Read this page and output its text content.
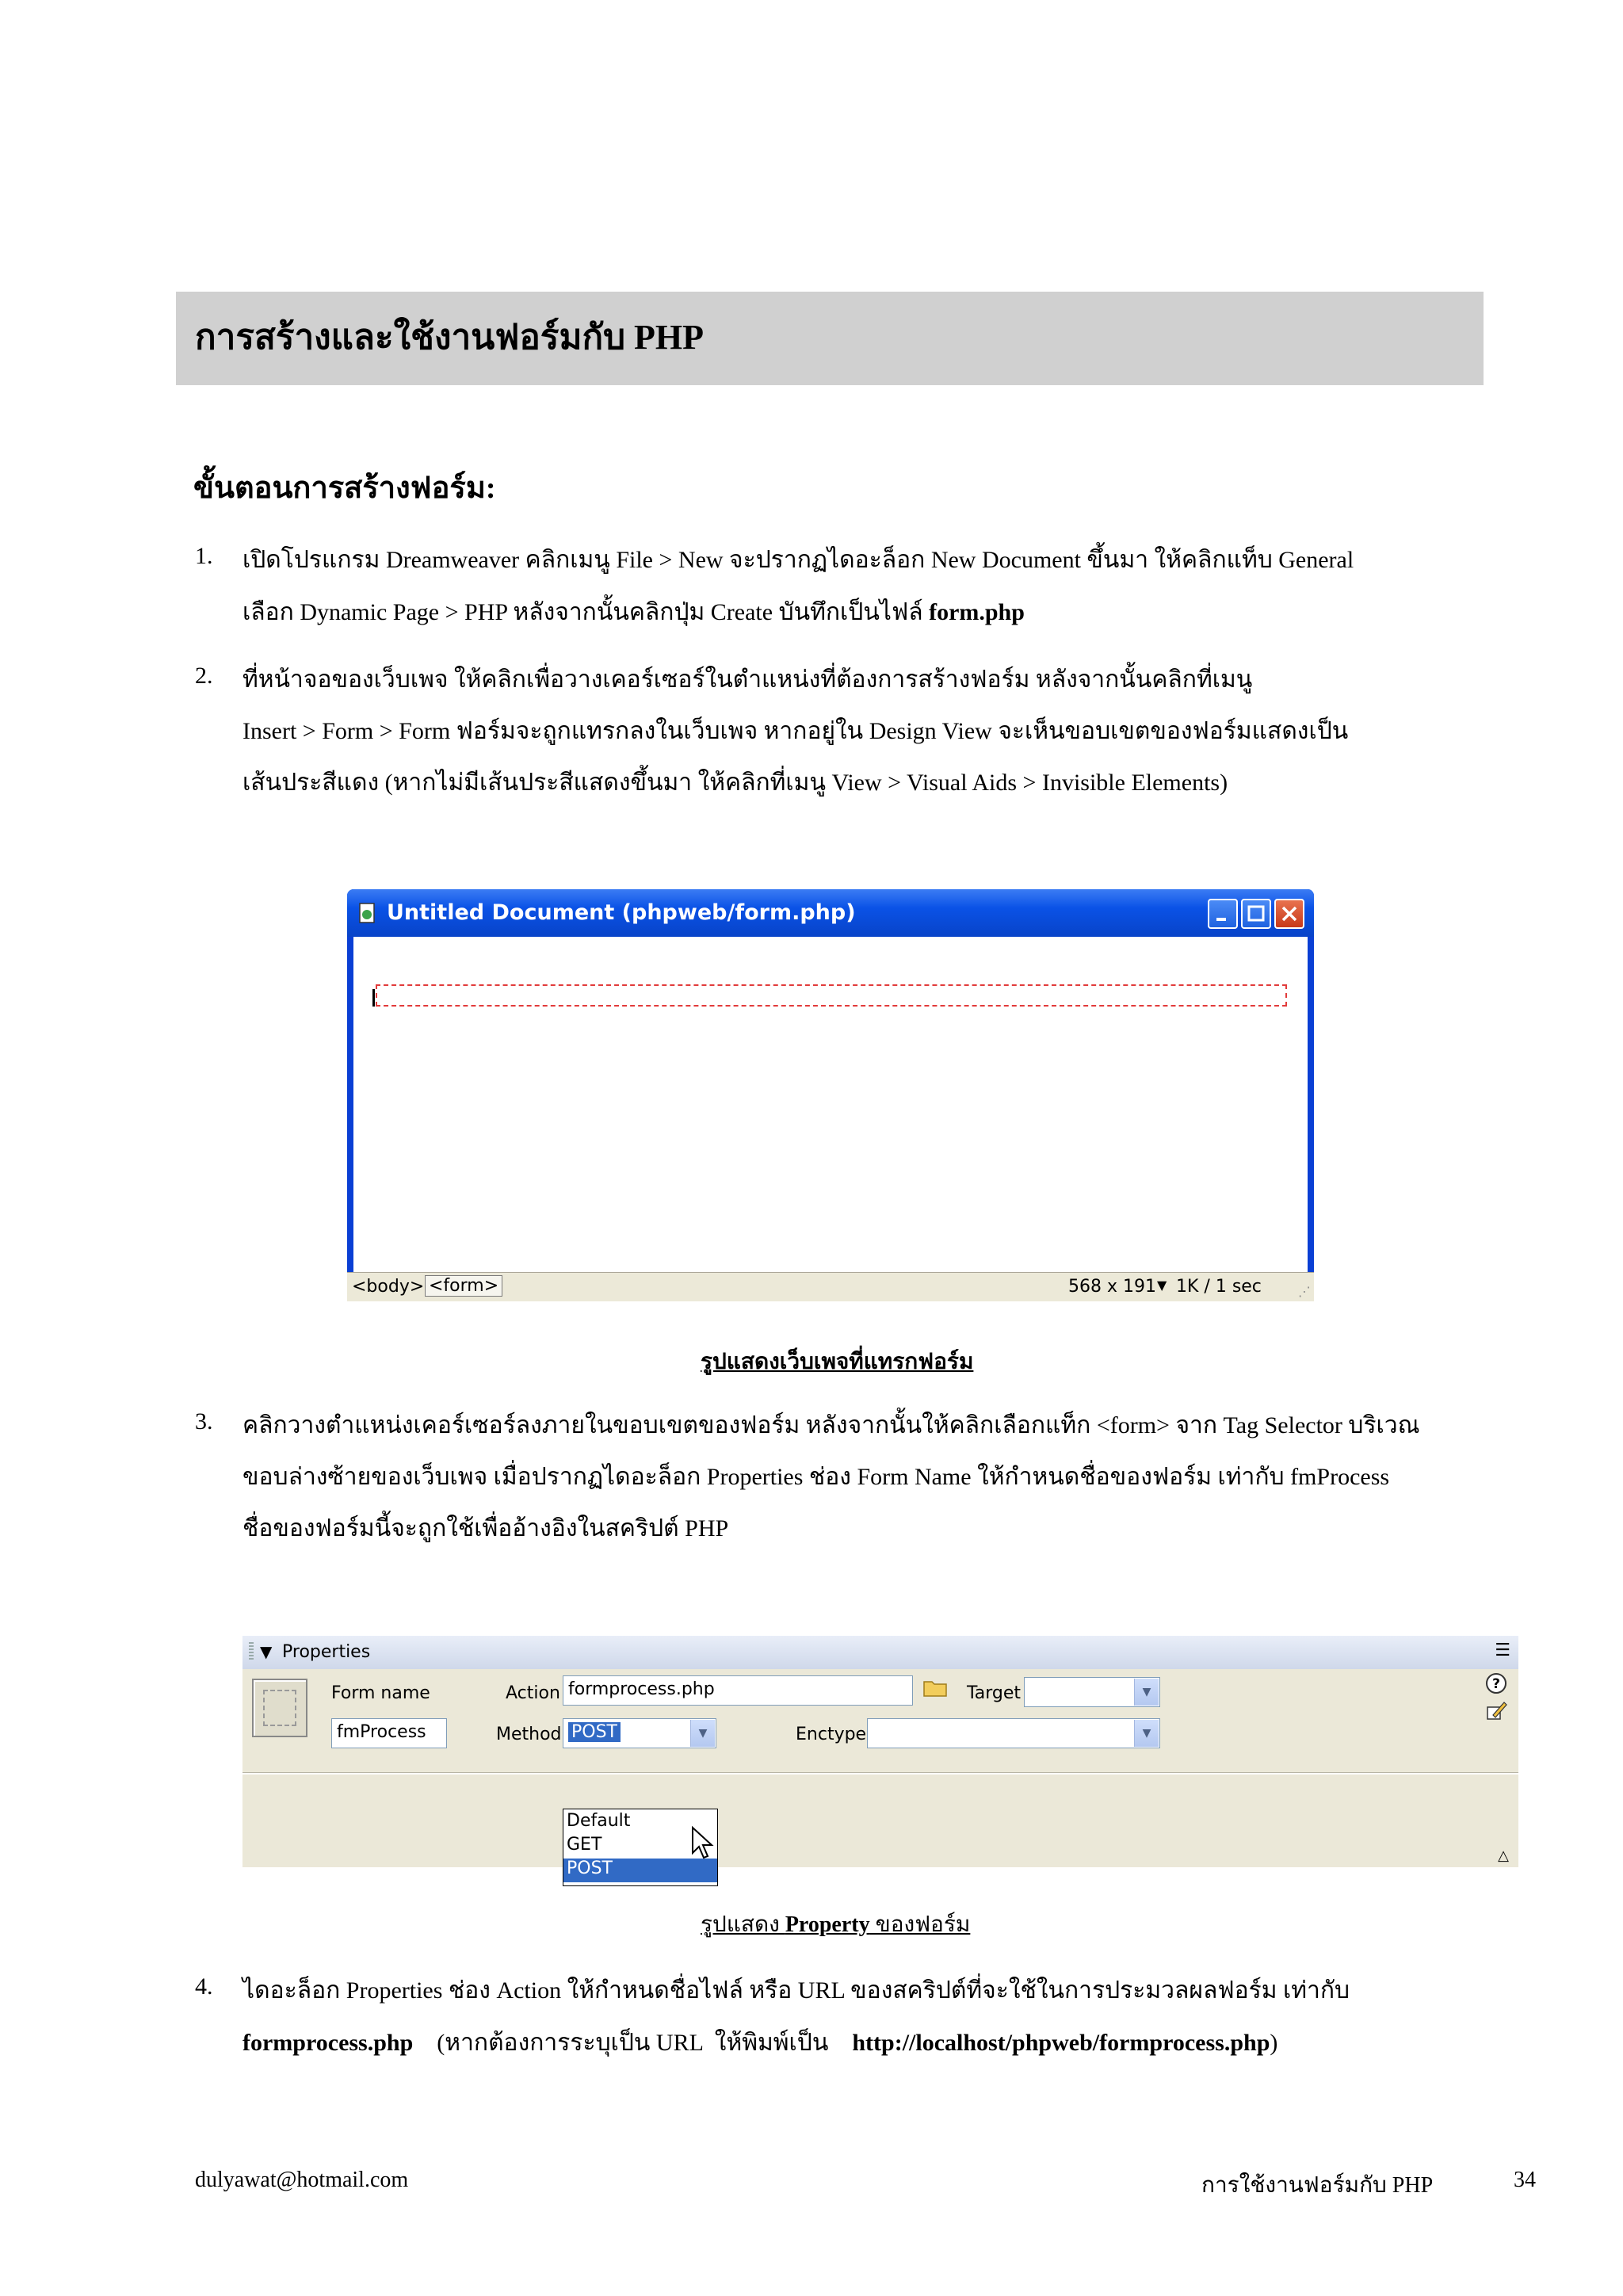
การสร้างและใช้งานฟอร์มกับ PHP
ขั้นตอนการสร้างฟอร์ม:
1. เปิดโปรแกรม Dreamweaver คลิกเมนู File > New จะปรากฏไดอะล็อก New Document ขึ้นมา ให้คลิกแท็บ General
เลือก Dynamic Page > PHP หลังจากนั้นคลิกปุ่ม Create บันทึกเป็นไฟล์ form.php
2. ที่หน้าจอของเว็บเพจ ให้คลิกเพื่อวางเคอร์เซอร์ในตำแหน่งที่ต้องการสร้างฟอร์ม หลังจากนั้นคลิกที่เมนู
Insert > Form > Form ฟอร์มจะถูกแทรกลงในเว็บเพจ หากอยู่ใน Design View จะเห็นขอบเขตของฟอร์มแสดงเป็น
เส้นประสีแดง (หากไม่มีเส้นประสีแสดงขึ้นมา ให้คลิกที่เมนู View > Visual Aids > Invisible Elements)
Untitled Document (phpweb/form.php)
<body> <form>	568 x 191 ▼ 1K / 1 sec	⋰
รูปแสดงเว็บเพจที่แทรกฟอร์ม
3. คลิกวางตำแหน่งเคอร์เซอร์ลงภายในขอบเขตของฟอร์ม หลังจากนั้นให้คลิกเลือกแท็ก <form> จาก Tag Selector บริเวณ
ขอบล่างซ้ายของเว็บเพจ เมื่อปรากฏไดอะล็อก Properties ช่อง Form Name ให้กำหนดชื่อของฟอร์ม เท่ากับ fmProcess
ชื่อของฟอร์มนี้จะถูกใช้เพื่ออ้างอิงในสคริปต์ PHP
▼ Properties	☰
Form name
fmProcess
Action formprocess.php	Target	▼
Method POST	▼	Enctype	▼
?
△
Default
GET
POST
รูปแสดง Property ของฟอร์ม
4. ไดอะล็อก Properties ช่อง Action ให้กำหนดชื่อไฟล์ หรือ URL ของสคริปต์ที่จะใช้ในการประมวลผลฟอร์ม เท่ากับ
formprocess.php    (หากต้องการระบุเป็น URL  ให้พิมพ์เป็น    http://localhost/phpweb/formprocess.php)
dulyawat@hotmail.com	การใช้งานฟอร์มกับ PHP	34
